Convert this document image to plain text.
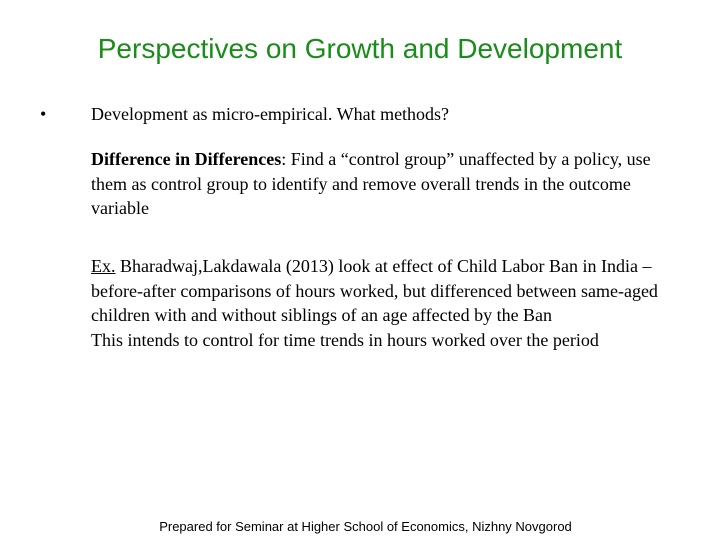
Perspectives on Growth and Development
• Development as micro-empirical. What methods?

Difference in Differences: Find a “control group” unaffected by a policy, use them as control group to identify and remove overall trends in the outcome variable

Ex. Bharadwaj,Lakdawala (2013) look at effect of Child Labor Ban in India – before-after comparisons of hours worked, but differenced between same-aged children with and without siblings of an age affected by the Ban
This intends to control for time trends in hours worked over the period

Prepared for Seminar at Higher School of Economics, Nizhny Novgorod
